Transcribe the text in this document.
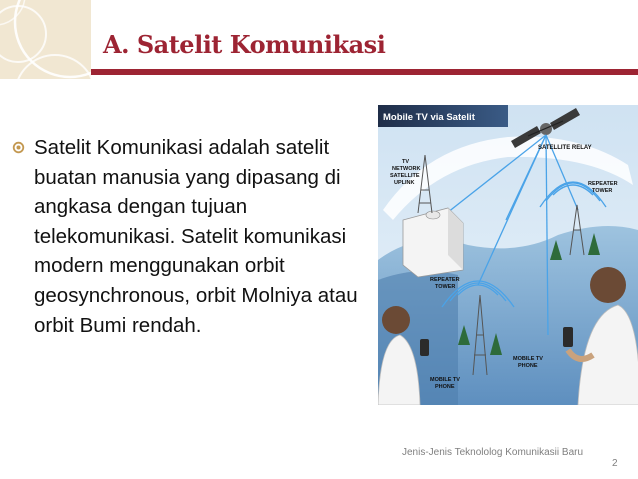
A. Satelit Komunikasi

Satelit Komunikasi adalah satelit buatan manusia yang dipasang di angkasa dengan tujuan telekomunikasi. Satelit komunikasi modern menggunakan orbit geosynchronous, orbit Molniya atau orbit Bumi rendah.

Mobile TV via Satelit
SATELLITE RELAY
TV
NETWORK
SATELLITE
UPLINK	REPEATER
TOWER
REPEATER
TOWER
MOBILE TV
PHONE
MOBILE TV
PHONE

Jenis-Jenis Teknololog Komunikasii Baru

2
